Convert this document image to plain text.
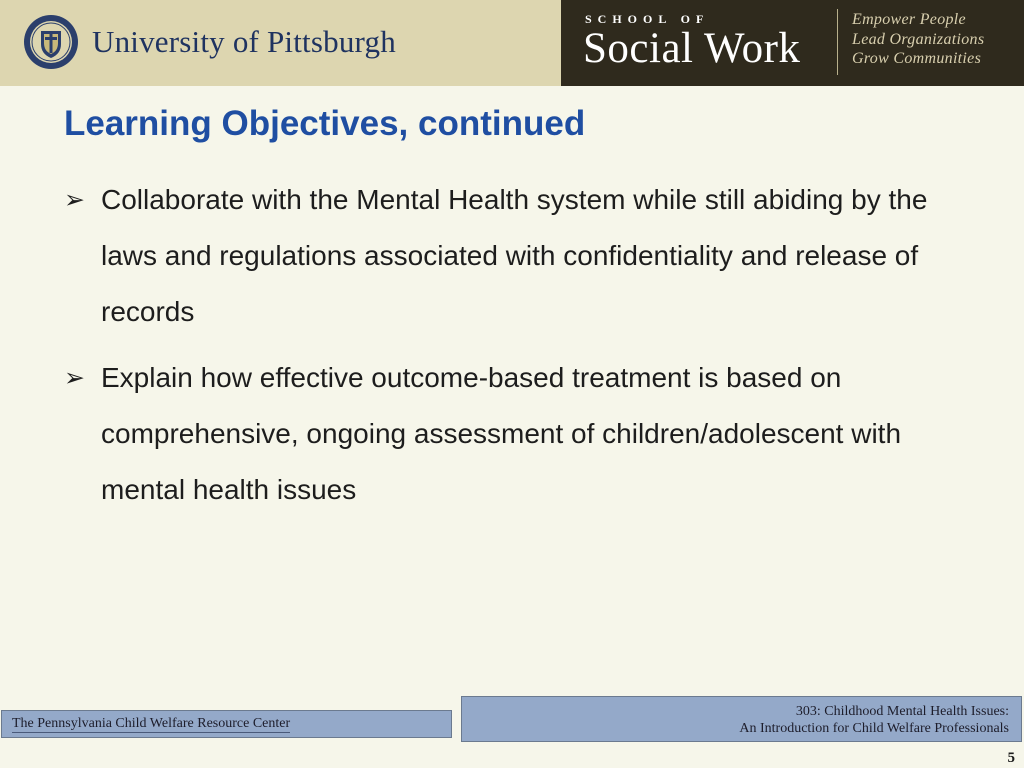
University of Pittsburgh
SCHOOL OF
Social Work
Empower People
Lead Organizations
Grow Communities
Learning Objectives, continued
➢ Collaborate with the Mental Health system while still abiding by the laws and regulations associated with confidentiality and release of records
➢ Explain how effective outcome-based treatment is based on comprehensive, ongoing assessment of children/adolescent with mental health issues
The Pennsylvania Child Welfare Resource Center
303: Childhood Mental Health Issues:
An Introduction for Child Welfare Professionals
5
